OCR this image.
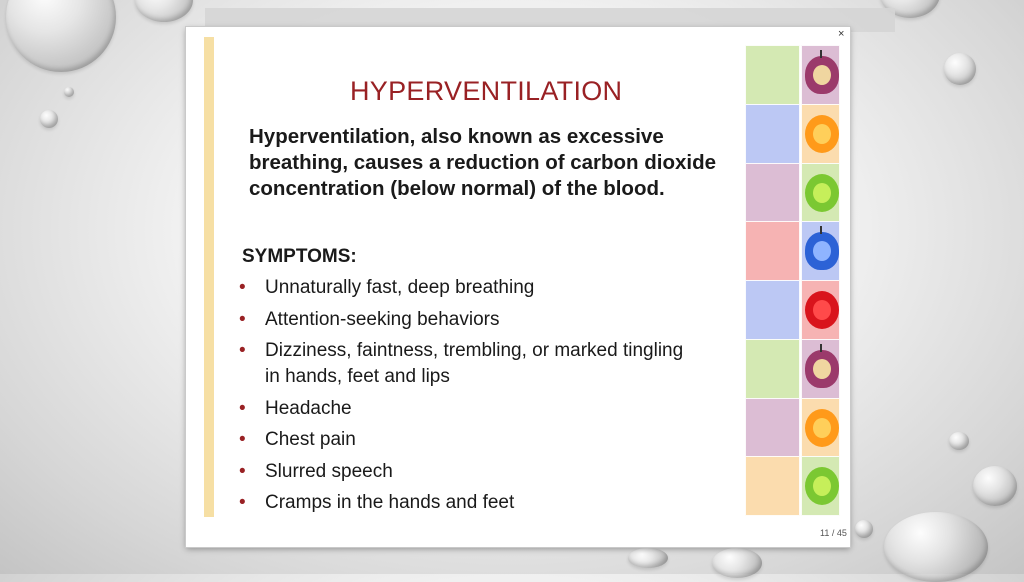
×
HYPERVENTILATION
Hyperventilation, also known as excessive breathing, causes a reduction of carbon dioxide concentration (below normal) of the blood.
SYMPTOMS:
• Unnaturally fast, deep breathing
• Attention-seeking behaviors
• Dizziness, faintness, trembling, or marked tingling in hands, feet and lips
• Headache
• Chest pain
• Slurred speech
• Cramps in the hands and feet
11 / 45
